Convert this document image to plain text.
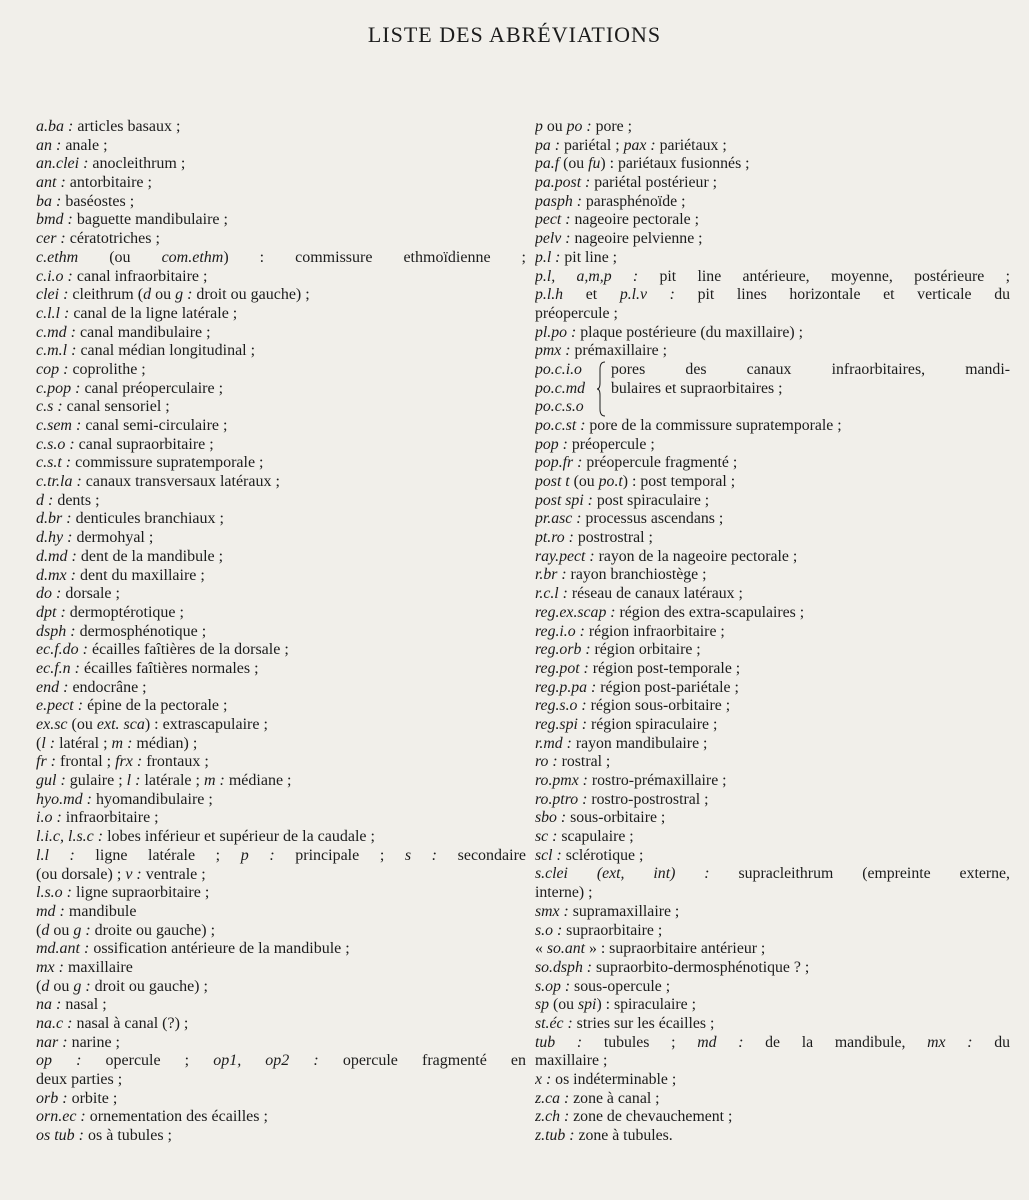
LISTE DES ABRÉVIATIONS
a.ba : articles basaux ;
an : anale ;
an.clei : anocleithrum ;
ant : antorbitaire ;
ba : baséostes ;
bmd : baguette mandibulaire ;
cer : cératotriches ;
c.ethm (ou com.ethm) : commissure ethmoïdienne ;
c.i.o : canal infraorbitaire ;
clei : cleithrum (d ou g : droit ou gauche) ;
c.l.l : canal de la ligne latérale ;
c.md : canal mandibulaire ;
c.m.l : canal médian longitudinal ;
cop : coprolithe ;
c.pop : canal préoperculaire ;
c.s : canal sensoriel ;
c.sem : canal semi-circulaire ;
c.s.o : canal supraorbitaire ;
c.s.t : commissure supratemporale ;
c.tr.la : canaux transversaux latéraux ;
d : dents ;
d.br : denticules branchiaux ;
d.hy : dermohyal ;
d.md : dent de la mandibule ;
d.mx : dent du maxillaire ;
do : dorsale ;
dpt : dermoptérotique ;
dsph : dermosphénotique ;
ec.f.do : écailles faîtières de la dorsale ;
ec.f.n : écailles faîtières normales ;
end : endocrâne ;
e.pect : épine de la pectorale ;
ex.sc (ou ext. sca) : extrascapulaire ;
(l : latéral ; m : médian) ;
fr : frontal ; frx : frontaux ;
gul : gulaire ; l : latérale ; m : médiane ;
hyo.md : hyomandibulaire ;
i.o : infraorbitaire ;
l.i.c, l.s.c : lobes inférieur et supérieur de la caudale ;
l.l : ligne latérale ; p : principale ; s : secondaire
(ou dorsale) ; v : ventrale ;
l.s.o : ligne supraorbitaire ;
md : mandibule
(d ou g : droite ou gauche) ;
md.ant : ossification antérieure de la mandibule ;
mx : maxillaire
(d ou g : droit ou gauche) ;
na : nasal ;
na.c : nasal à canal (?) ;
nar : narine ;
op : opercule ; op1, op2 : opercule fragmenté en
deux parties ;
orb : orbite ;
orn.ec : ornementation des écailles ;
os tub : os à tubules ;
p ou po : pore ;
pa : pariétal ; pax : pariétaux ;
pa.f (ou fu) : pariétaux fusionnés ;
pa.post : pariétal postérieur ;
pasph : parasphénoïde ;
pect : nageoire pectorale ;
pelv : nageoire pelvienne ;
p.l : pit line ;
p.l, a,m,p : pit line antérieure, moyenne, postérieure ;
p.l.h et p.l.v : pit lines horizontale et verticale du
préopercule ;
pl.po : plaque postérieure (du maxillaire) ;
pmx : prémaxillaire ;
po.c.i.o
po.c.md
po.c.s.o
pores des canaux infraorbitaires, mandi-
bulaires et supraorbitaires ;
po.c.st : pore de la commissure supratemporale ;
pop : préopercule ;
pop.fr : préopercule fragmenté ;
post t (ou po.t) : post temporal ;
post spi : post spiraculaire ;
pr.asc : processus ascendans ;
pt.ro : postrostral ;
ray.pect : rayon de la nageoire pectorale ;
r.br : rayon branchiostège ;
r.c.l : réseau de canaux latéraux ;
reg.ex.scap : région des extra-scapulaires ;
reg.i.o : région infraorbitaire ;
reg.orb : région orbitaire ;
reg.pot : région post-temporale ;
reg.p.pa : région post-pariétale ;
reg.s.o : région sous-orbitaire ;
reg.spi : région spiraculaire ;
r.md : rayon mandibulaire ;
ro : rostral ;
ro.pmx : rostro-prémaxillaire ;
ro.ptro : rostro-postrostral ;
sbo : sous-orbitaire ;
sc : scapulaire ;
scl : sclérotique ;
s.clei (ext, int) : supracleithrum (empreinte externe,
interne) ;
smx : supramaxillaire ;
s.o : supraorbitaire ;
« so.ant » : supraorbitaire antérieur ;
so.dsph : supraorbito-dermosphénotique ? ;
s.op : sous-opercule ;
sp (ou spi) : spiraculaire ;
st.éc : stries sur les écailles ;
tub : tubules ; md : de la mandibule, mx : du
maxillaire ;
x : os indéterminable ;
z.ca : zone à canal ;
z.ch : zone de chevauchement ;
z.tub : zone à tubules.
